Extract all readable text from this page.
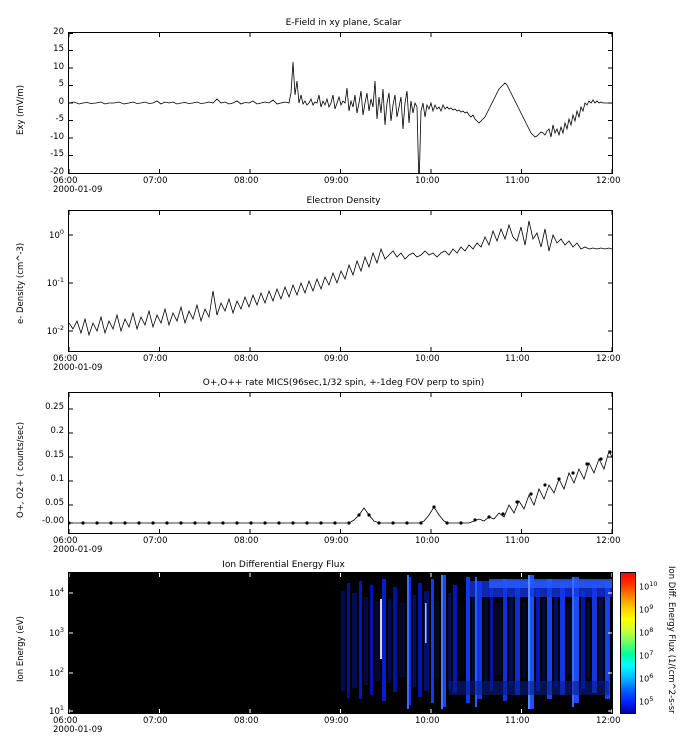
E-Field in xy plane, Scalar
Exy (mV/m)
20
15
10
5
0
-5
-10
-15
-20
06:00	07:00	08:00	09:00	10:00	11:00	12:00
2000-01-09
Electron Density
e- Density (cm^-3)
$10^0$
$10^{-1}$
$10^{-2}$
06:00	07:00	08:00	09:00	10:00	11:00	12:00
2000-01-09
O+,O++ rate MICS(96sec,1/32 spin, +-1deg FOV perp to spin)
O+, O2+ ( counts/sec)
0.25
0.2
0.15
0.1
0.05
-0.00
06:00	07:00	08:00	09:00	10:00	11:00	12:00
2000-01-09
Ion Differential Energy Flux
Ion Energy (eV)
$10^4$
$10^3$
$10^2$
$10^1$
06:00	07:00	08:00	09:00	10:00	11:00	12:00
2000-01-09
$10^{10}$
$10^9$
$10^8$
$10^7$
$10^6$
$10^5$ Ion Diff. Energy Flux (1/(cm^2-s-sr
